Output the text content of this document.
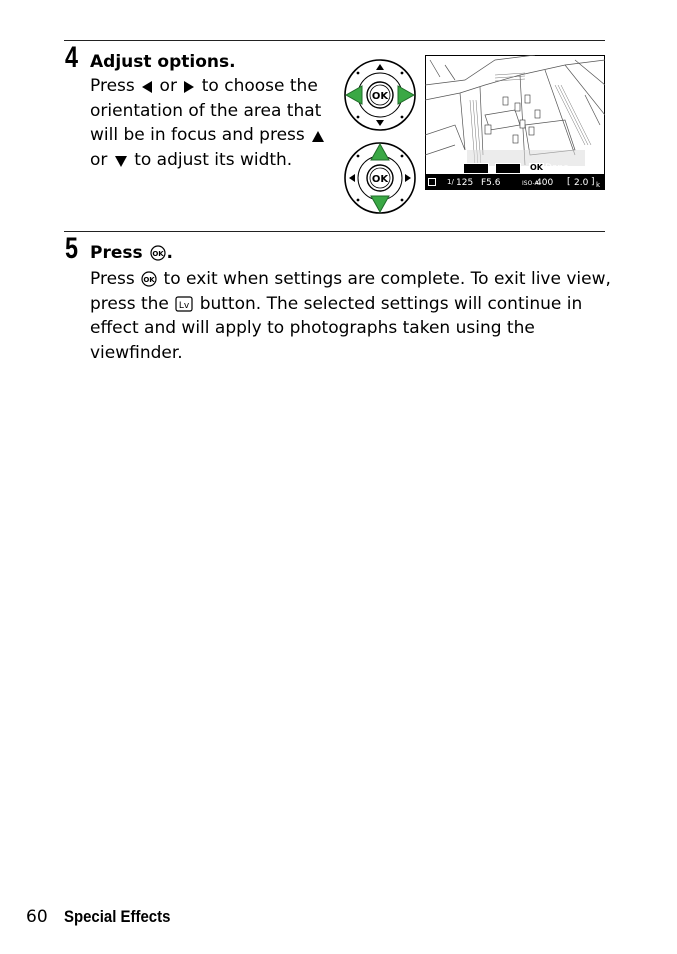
4 Adjust options.
Press  or  to choose the
orientation of the area that
will be in focus and press
or  to adjust its width.
OK
OK
OK Done
1/ 125 F5.6	ISO-A
400 [ 2.0 ] k
5 Press OK .
Press OK to exit when settings are complete. To exit live view,
press the Lv button. The selected settings will continue in
effect and will apply to photographs taken using the
viewfinder.
60 Special Effects
